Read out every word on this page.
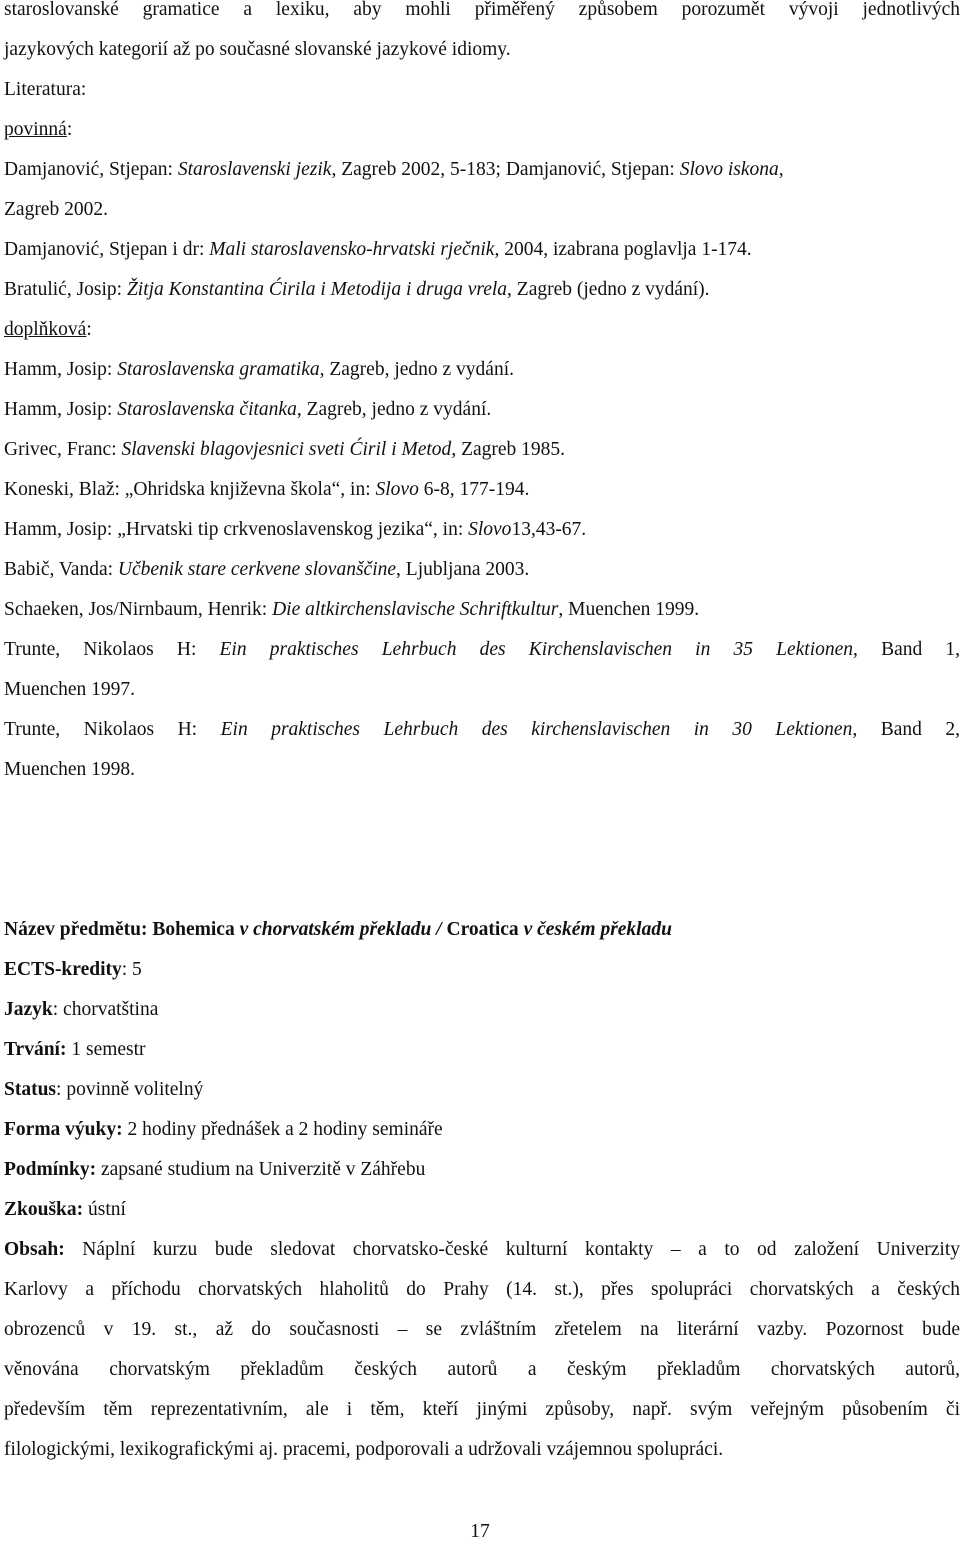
staroslovanské gramatice a lexiku, aby mohli přiměřený způsobem porozumět vývoji jednotlivých
jazykových kategorií až po současné slovanské jazykové idiomy.
Literatura:
povinná:
Damjanović, Stjepan: Staroslavenski jezik, Zagreb 2002, 5-183; Damjanović, Stjepan: Slovo iskona,
Zagreb 2002.
Damjanović, Stjepan i dr: Mali staroslavensko-hrvatski rječnik, 2004, izabrana poglavlja 1-174.
Bratulić, Josip: Žitja Konstantina Ćirila i Metodija i druga vrela, Zagreb (jedno z vydání).
doplňková:
Hamm, Josip: Staroslavenska gramatika, Zagreb, jedno z vydání.
Hamm, Josip: Staroslavenska čitanka, Zagreb, jedno z vydání.
Grivec, Franc: Slavenski blagovjesnici sveti Ćiril i Metod, Zagreb 1985.
Koneski, Blaž: „Ohridska književna škola“, in: Slovo 6-8, 177-194.
Hamm, Josip: „Hrvatski tip crkvenoslavenskog jezika“, in: Slovo13,43-67.
Babič, Vanda: Učbenik stare cerkvene slovanščine, Ljubljana 2003.
Schaeken, Jos/Nirnbaum, Henrik: Die altkirchenslavische Schriftkultur, Muenchen 1999.
Trunte, Nikolaos H: Ein praktisches Lehrbuch des Kirchenslavischen in 35 Lektionen, Band 1,
Muenchen 1997.
Trunte, Nikolaos H: Ein praktisches Lehrbuch des kirchenslavischen in 30 Lektionen, Band 2,
Muenchen 1998.
Název předmětu: Bohemica v chorvatském překladu / Croatica v českém překladu
ECTS-kredity: 5
Jazyk: chorvatština
Trvání: 1 semestr
Status: povinně volitelný
Forma výuky: 2 hodiny přednášek a 2 hodiny semináře
Podmínky: zapsané studium na Univerzitě v Záhřebu
Zkouška: ústní
Obsah: Náplní kurzu bude sledovat chorvatsko-české kulturní kontakty – a to od založení Univerzity
Karlovy a příchodu chorvatských hlaholitů do Prahy (14. st.), přes spolupráci chorvatských a českých
obrozenců v 19. st., až do současnosti – se zvláštním zřetelem na literární vazby. Pozornost bude
věnována chorvatským překladům českých autorů a českým překladům chorvatských autorů,
především těm reprezentativním, ale i těm, kteří jinými způsoby, např. svým veřejným působením či
filologickými, lexikografickými aj. pracemi, podporovali a udržovali vzájemnou spolupráci.
17
